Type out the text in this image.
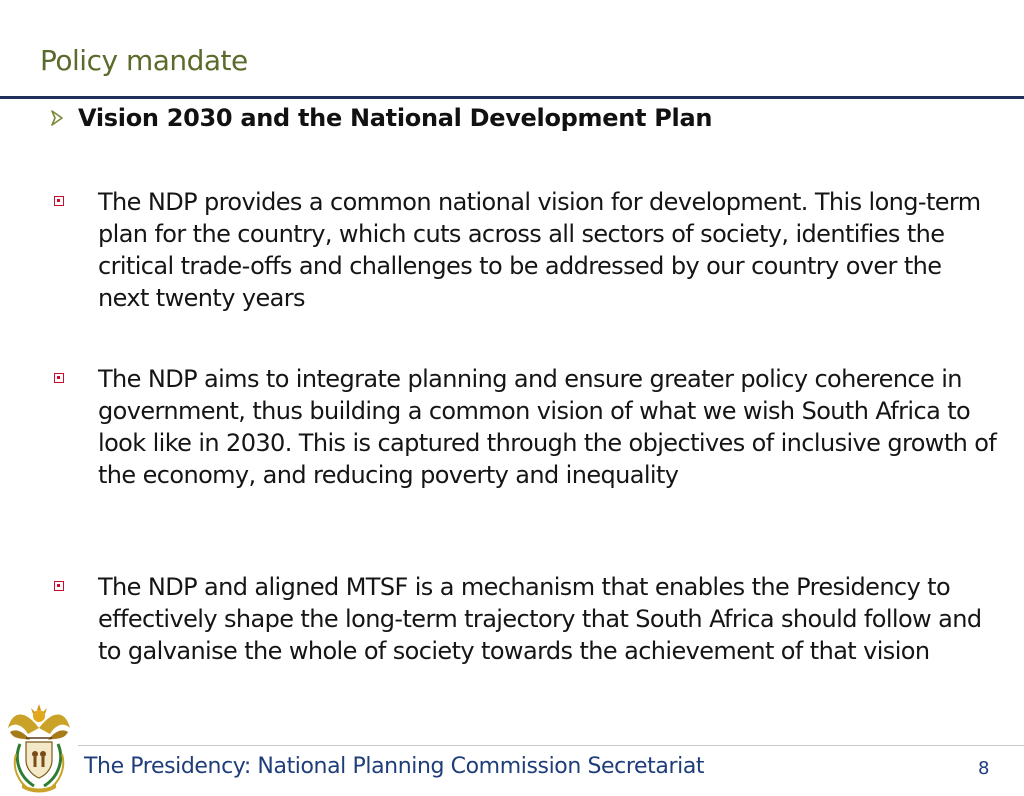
Policy mandate
Vision 2030 and the National Development Plan
The NDP provides a common national vision for development. This long-term plan for the country, which cuts across all sectors of society, identifies the critical trade-offs and challenges to be addressed by our country over the next twenty years
The NDP aims to integrate planning and ensure greater policy coherence in government, thus building a common vision of what we wish South Africa to look like in 2030. This is captured through the objectives of inclusive growth of the economy, and reducing poverty and inequality
The NDP and aligned MTSF is a mechanism that enables the Presidency to effectively shape the long-term trajectory that South Africa should follow and to galvanise the whole of society towards the achievement of that vision
The Presidency: National Planning Commission Secretariat	8
